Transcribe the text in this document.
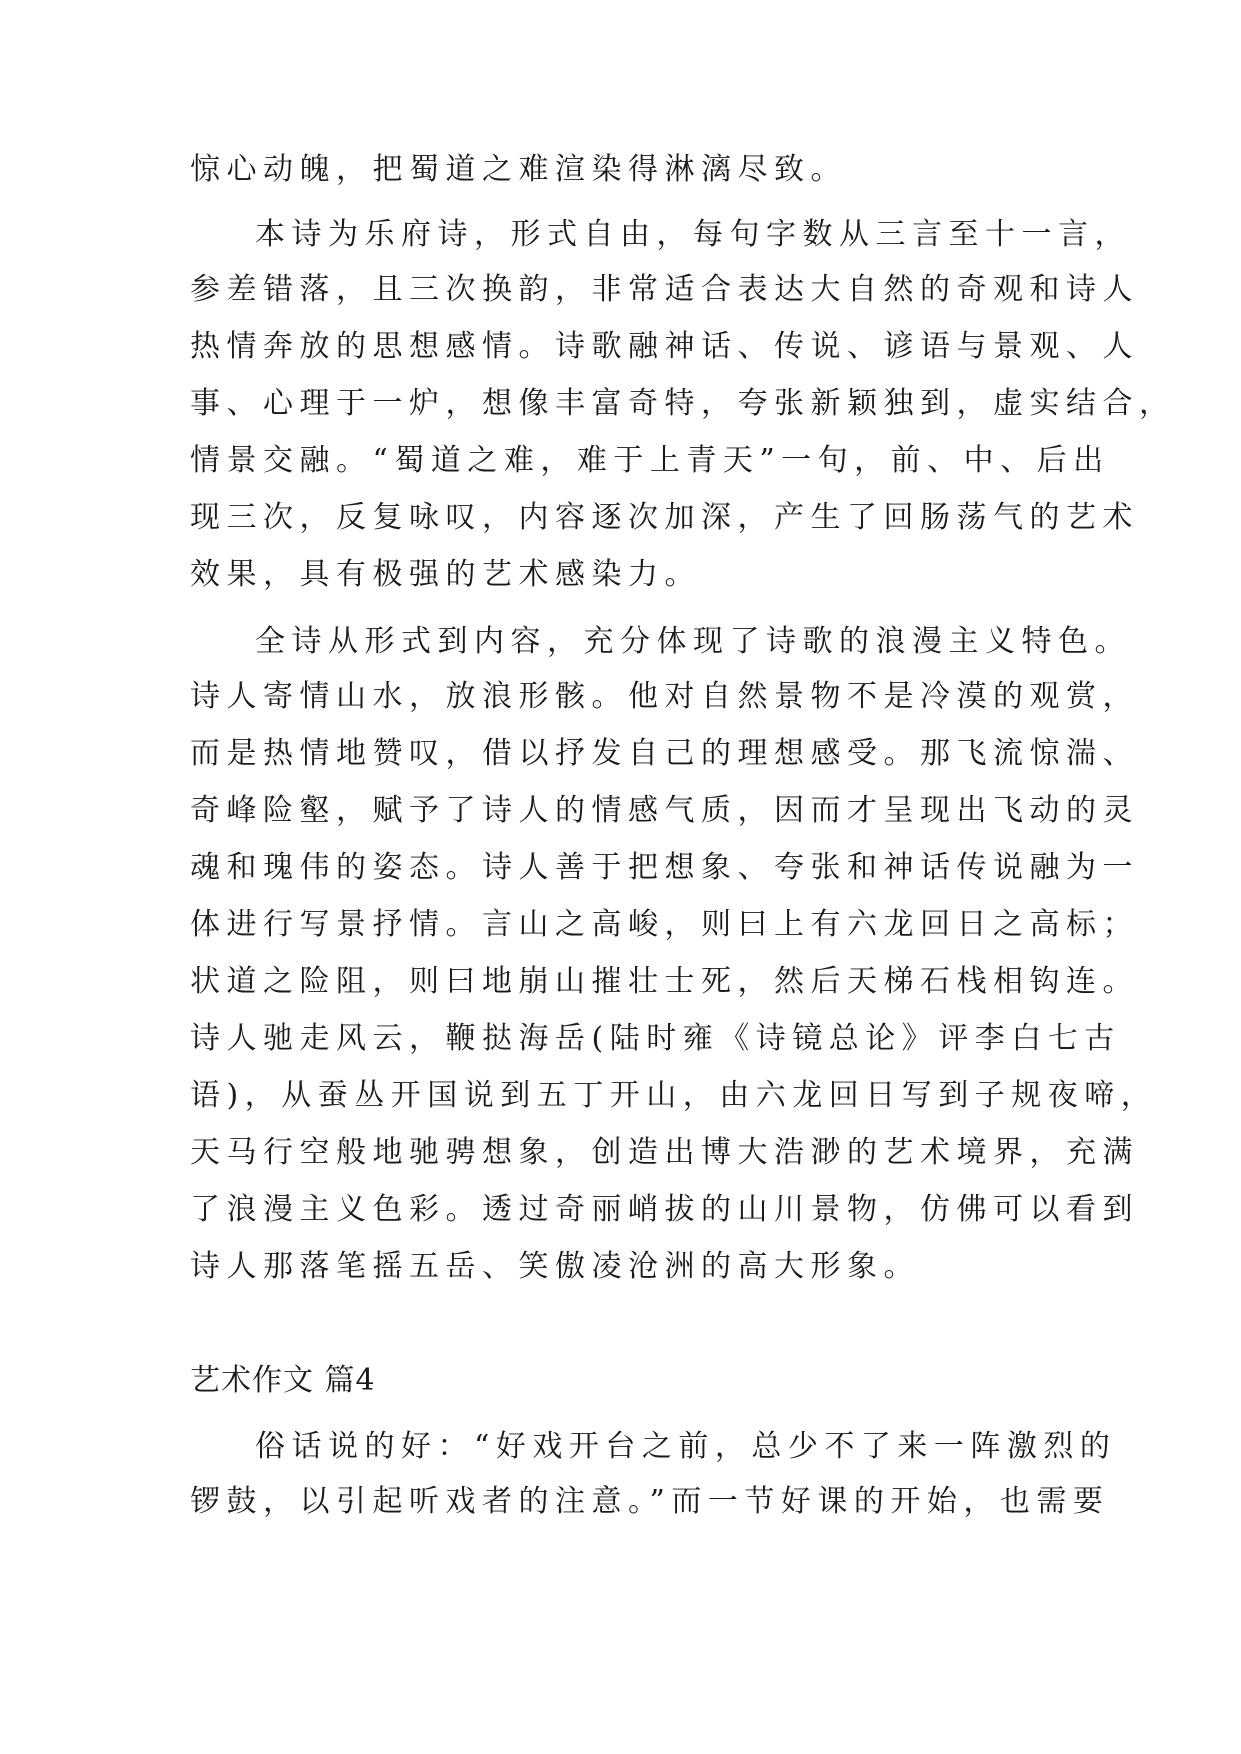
惊心动魄，把蜀道之难渲染得淋漓尽致。
本诗为乐府诗，形式自由，每句字数从三言至十一言，
参差错落，且三次换韵，非常适合表达大自然的奇观和诗人
热情奔放的思想感情。诗歌融神话、传说、谚语与景观、人
事、心理于一炉，想像丰富奇特，夸张新颖独到，虚实结合，
情景交融。“蜀道之难，难于上青天”一句，前、中、后出
现三次，反复咏叹，内容逐次加深，产生了回肠荡气的艺术
效果，具有极强的艺术感染力。
全诗从形式到内容，充分体现了诗歌的浪漫主义特色。
诗人寄情山水，放浪形骸。他对自然景物不是冷漠的观赏，
而是热情地赞叹，借以抒发自己的理想感受。那飞流惊湍、
奇峰险壑，赋予了诗人的情感气质，因而才呈现出飞动的灵
魂和瑰伟的姿态。诗人善于把想象、夸张和神话传说融为一
体进行写景抒情。言山之高峻，则曰上有六龙回日之高标；
状道之险阻，则曰地崩山摧壮士死，然后天梯石栈相钩连。
诗人驰走风云，鞭挞海岳(陆时雍《诗镜总论》评李白七古
语)，从蚕丛开国说到五丁开山，由六龙回日写到子规夜啼，
天马行空般地驰骋想象，创造出博大浩渺的艺术境界，充满
了浪漫主义色彩。透过奇丽峭拔的山川景物，仿佛可以看到
诗人那落笔摇五岳、笑傲凌沧洲的高大形象。
艺术作文 篇4
俗话说的好：“好戏开台之前，总少不了来一阵激烈的
锣鼓，以引起听戏者的注意。”而一节好课的开始，也需要
